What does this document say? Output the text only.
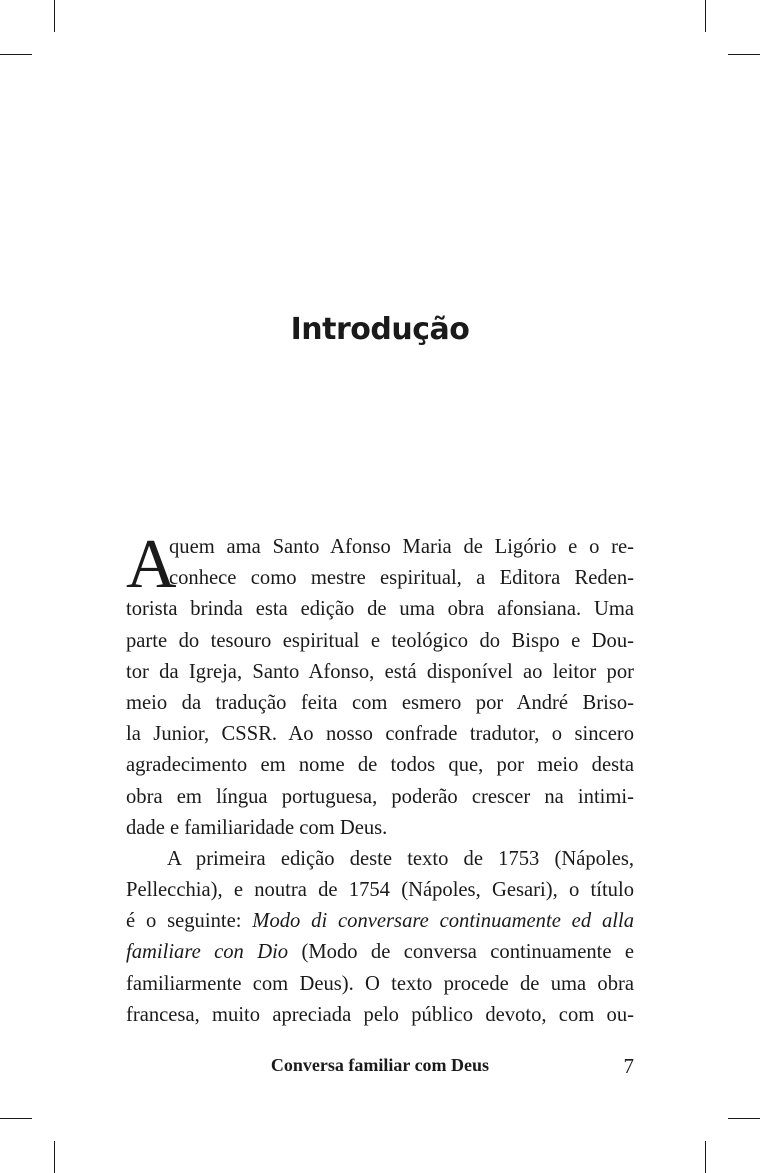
Introdução
A
quem ama Santo Afonso Maria de Ligório e o re-
conhece como mestre espiritual, a Editora Reden-
torista brinda esta edição de uma obra afonsiana. Uma
parte do tesouro espiritual e teológico do Bispo e Dou-
tor da Igreja, Santo Afonso, está disponível ao leitor por
meio da tradução feita com esmero por André Briso-
la Junior, CSSR. Ao nosso confrade tradutor, o sincero
agradecimento em nome de todos que, por meio desta
obra em língua portuguesa, poderão crescer na intimi-
dade e familiaridade com Deus.
A primeira edição deste texto de 1753 (Nápoles,
Pellecchia), e noutra de 1754 (Nápoles, Gesari), o título
é o seguinte: Modo di conversare continuamente ed alla
familiare con Dio (Modo de conversa continuamente e
familiarmente com Deus). O texto procede de uma obra
francesa, muito apreciada pelo público devoto, com ou-
Conversa familiar com Deus	7
